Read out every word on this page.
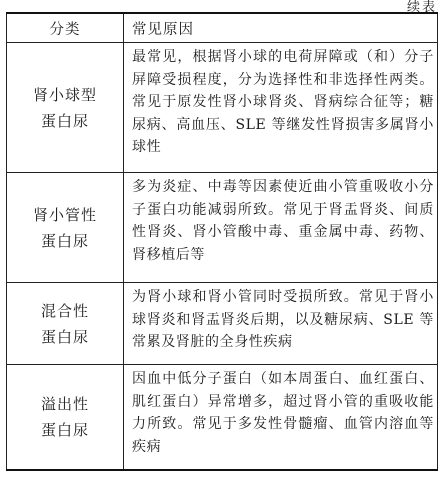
续表
分类	常见原因
肾小球型
蛋白尿	最常见，根据肾小球的电荷屏障或（和）分子屏障受损程度，分为选择性和非选择性两类。常见于原发性肾小球肾炎、肾病综合征等；糖尿病、高血压、SLE 等继发性肾损害多属肾小球性
肾小管性
蛋白尿	多为炎症、中毒等因素使近曲小管重吸收小分子蛋白功能减弱所致。常见于肾盂肾炎、间质性肾炎、肾小管酸中毒、重金属中毒、药物、肾移植后等
混合性
蛋白尿	为肾小球和肾小管同时受损所致。常见于肾小球肾炎和肾盂肾炎后期，以及糖尿病、SLE 等常累及肾脏的全身性疾病
溢出性
蛋白尿	因血中低分子蛋白（如本周蛋白、血红蛋白、肌红蛋白）异常增多，超过肾小管的重吸收能力所致。常见于多发性骨髓瘤、血管内溶血等疾病
